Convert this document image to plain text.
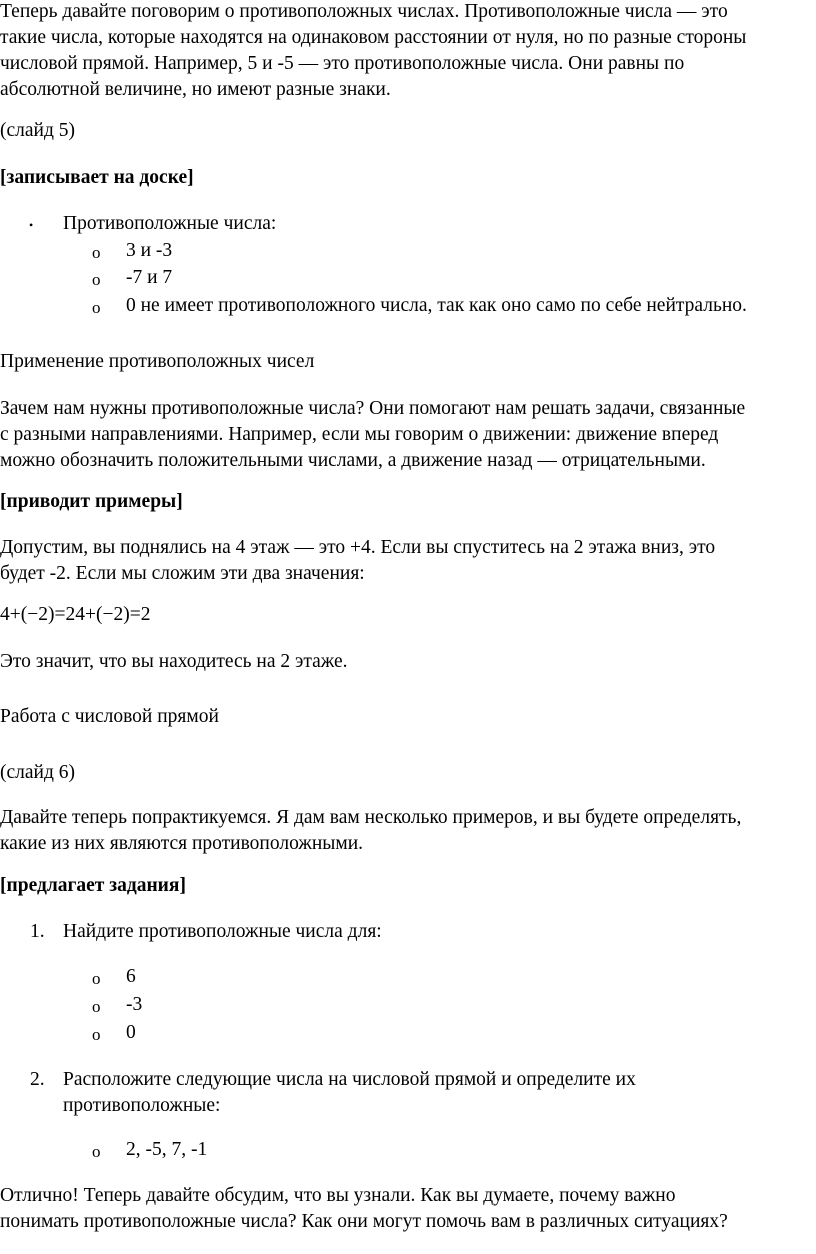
Теперь давайте поговорим о противоположных числах. Противоположные числа — это
такие числа, которые находятся на одинаковом расстоянии от нуля, но по разные стороны
числовой прямой. Например, 5 и -5 — это противоположные числа. Они равны по
абсолютной величине, но имеют разные знаки.
(слайд 5)
[записывает на доске]
• Противоположные числа:
o 3 и -3
o -7 и 7
o 0 не имеет противоположного числа, так как оно само по себе нейтрально.
Применение противоположных чисел
Зачем нам нужны противоположные числа? Они помогают нам решать задачи, связанные
с разными направлениями. Например, если мы говорим о движении: движение вперед
можно обозначить положительными числами, а движение назад — отрицательными.
[приводит примеры]
Допустим, вы поднялись на 4 этаж — это +4. Если вы спуститесь на 2 этажа вниз, это
будет -2. Если мы сложим эти два значения:
4+(−2)=24+(−2)=2
Это значит, что вы находитесь на 2 этаже.
Работа с числовой прямой
(слайд 6)
Давайте теперь попрактикуемся. Я дам вам несколько примеров, и вы будете определять,
какие из них являются противоположными.
[предлагает задания]
1. Найдите противоположные числа для:
o 6
o -3
o 0
2. Расположите следующие числа на числовой прямой и определите их
противоположные:
o 2, -5, 7, -1
Отлично! Теперь давайте обсудим, что вы узнали. Как вы думаете, почему важно
понимать противоположные числа? Как они могут помочь вам в различных ситуациях?
